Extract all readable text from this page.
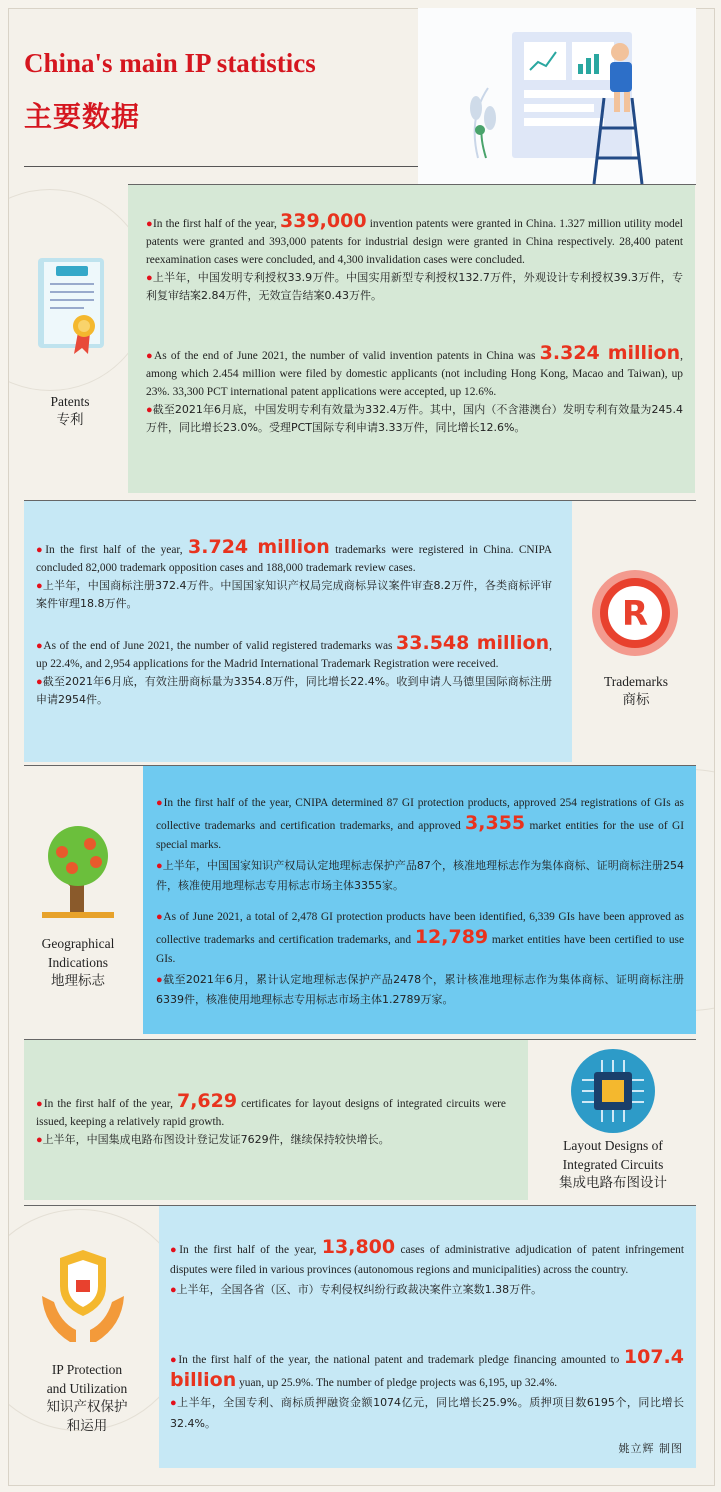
China's main IP statistics
主要数据
Patents
专利
●In the first half of the year, 339,000 invention patents were granted in China. 1.327 million utility model patents were granted and 393,000 patents for industrial design were granted in China respectively. 28,400 patent reexamination cases were concluded, and 4,300 invalidation cases were concluded.
●上半年，中国发明专利授权33.9万件。中国实用新型专利授权132.7万件，外观设计专利授权39.3万件，专利复审结案2.84万件，无效宣告结案0.43万件。
●As of the end of June 2021, the number of valid invention patents in China was 3.324 million, among which 2.454 million were filed by domestic applicants (not including Hong Kong, Macao and Taiwan), up 23%. 33,300 PCT international patent applications were accepted, up 12.6%.
●截至2021年6月底，中国发明专利有效量为332.4万件。其中，国内（不含港澳台）发明专利有效量为245.4万件，同比增长23.0%。受理PCT国际专利申请3.33万件，同比增长12.6%。
R
Trademarks
商标
●In the first half of the year, 3.724 million trademarks were registered in China. CNIPA concluded 82,000 trademark opposition cases and 188,000 trademark review cases.
●上半年，中国商标注册372.4万件。中国国家知识产权局完成商标异议案件审查8.2万件，各类商标评审案件审理18.8万件。
●As of the end of June 2021, the number of valid registered trademarks was 33.548 million, up 22.4%, and 2,954 applications for the Madrid International Trademark Registration were received.
●截至2021年6月底，有效注册商标量为3354.8万件，同比增长22.4%。收到申请人马德里国际商标注册申请2954件。
Geographical
Indications
地理标志
●In the first half of the year, CNIPA determined 87 GI protection products, approved 254 registrations of GIs as collective trademarks and certification trademarks, and approved 3,355 market entities for the use of GI special marks.
●上半年，中国国家知识产权局认定地理标志保护产品87个，核准地理标志作为集体商标、证明商标注册254件，核准使用地理标志专用标志市场主体3355家。
●As of June 2021, a total of 2,478 GI protection products have been identified, 6,339 GIs have been approved as collective trademarks and certification trademarks, and 12,789 market entities have been certified to use GIs.
●截至2021年6月，累计认定地理标志保护产品2478个，累计核准地理标志作为集体商标、证明商标注册6339件，核准使用地理标志专用标志市场主体1.2789万家。
Layout Designs of
Integrated Circuits
集成电路布图设计
●In the first half of the year, 7,629 certificates for layout designs of integrated circuits were issued, keeping a relatively rapid growth.
●上半年，中国集成电路布图设计登记发证7629件，继续保持较快增长。
IP Protection
and Utilization
知识产权保护
和运用
●In the first half of the year, 13,800 cases of administrative adjudication of patent infringement disputes were filed in various provinces (autonomous regions and municipalities) across the country.
●上半年，全国各省（区、市）专利侵权纠纷行政裁决案件立案数1.38万件。
●In the first half of the year, the national patent and trademark pledge financing amounted to 107.4 billion yuan, up 25.9%. The number of pledge projects was 6,195, up 32.4%.
●上半年，全国专利、商标质押融资金额1074亿元，同比增长25.9%。质押项目数6195个，同比增长32.4%。
姚立辉 制图
